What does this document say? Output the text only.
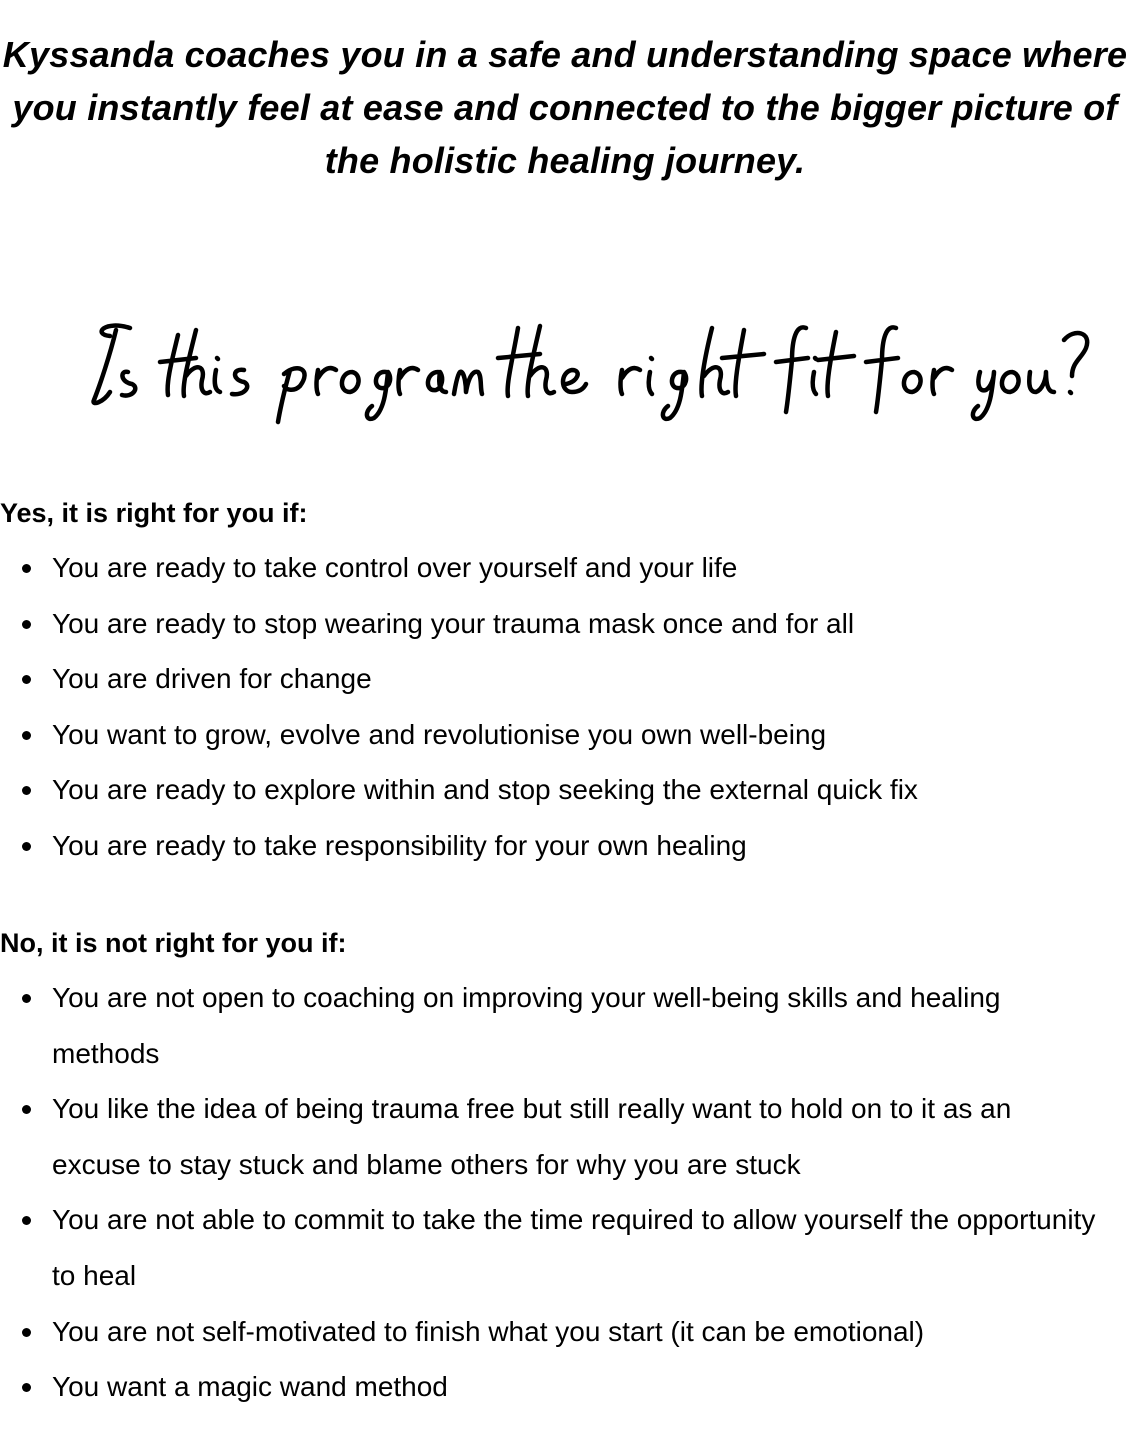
Kyssanda coaches you in a safe and understanding space where you instantly feel at ease and connected to the bigger picture of the holistic healing journey.
Yes, it is right for you if:
You are ready to take control over yourself and your life
You are ready to stop wearing your trauma mask once and for all
You are driven for change
You want to grow, evolve and revolutionise you own well-being
You are ready to explore within and stop seeking the external quick fix
You are ready to take responsibility for your own healing
No, it is not right for you if:
You are not open to coaching on improving your well-being skills and healing methods
You like the idea of being trauma free but still really want to hold on to it as an excuse to stay stuck and blame others for why you are stuck
You are not able to commit to take the time required to allow yourself the opportunity to heal
You are not self-motivated to finish what you start (it can be emotional)
You want a magic wand method
